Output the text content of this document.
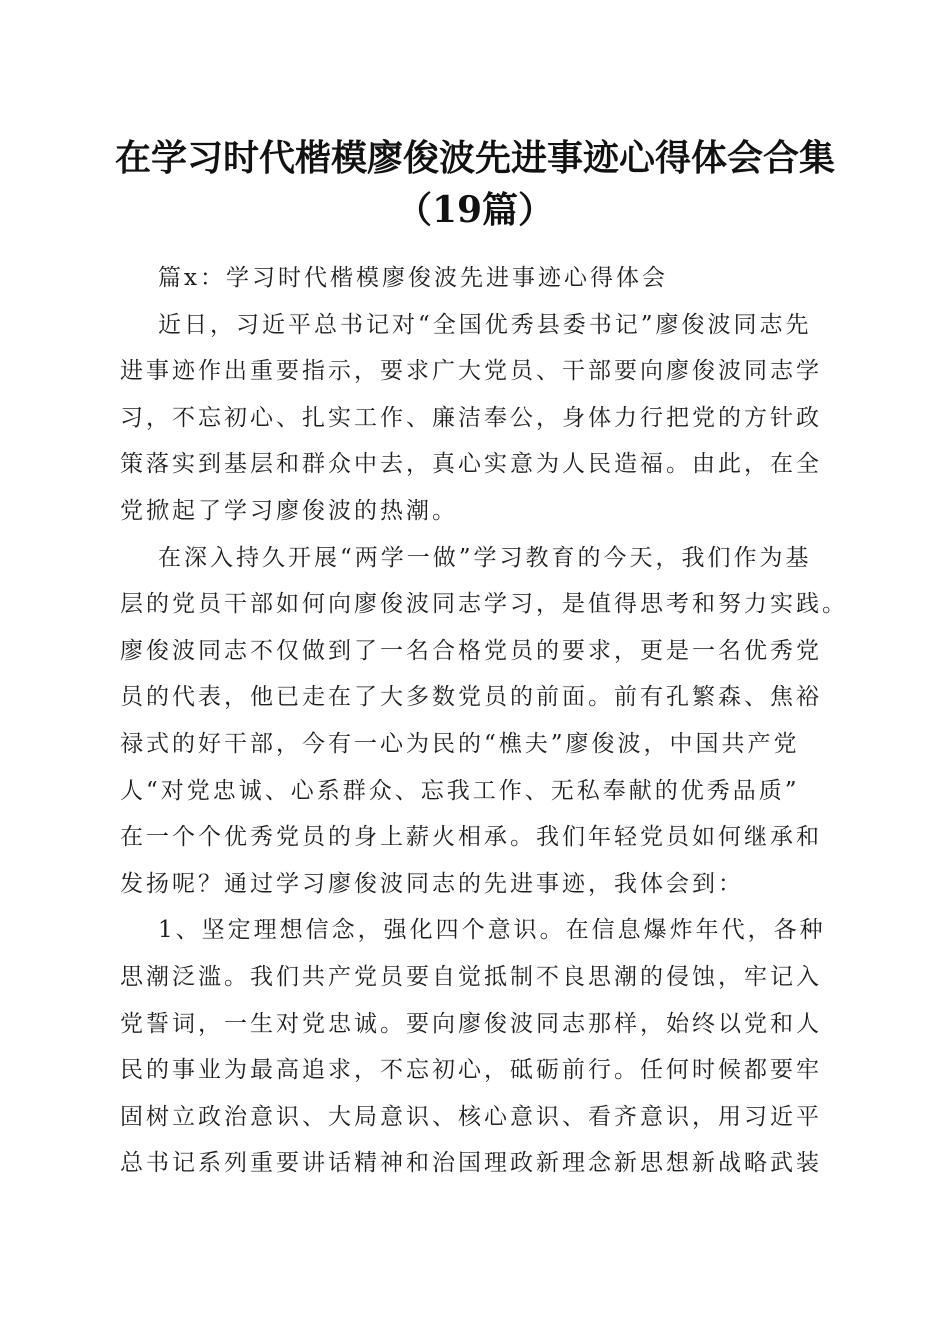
在学习时代楷模廖俊波先进事迹心得体会合集
（19篇）
篇x：学习时代楷模廖俊波先进事迹心得体会
近日，习近平总书记对“全国优秀县委书记”廖俊波同志先
进事迹作出重要指示，要求广大党员、干部要向廖俊波同志学
习，不忘初心、扎实工作、廉洁奉公，身体力行把党的方针政
策落实到基层和群众中去，真心实意为人民造福。由此，在全
党掀起了学习廖俊波的热潮。
在深入持久开展“两学一做”学习教育的今天，我们作为基
层的党员干部如何向廖俊波同志学习，是值得思考和努力实践。
廖俊波同志不仅做到了一名合格党员的要求，更是一名优秀党
员的代表，他已走在了大多数党员的前面。前有孔繁森、焦裕
禄式的好干部，今有一心为民的“樵夫”廖俊波，中国共产党
人“对党忠诚、心系群众、忘我工作、无私奉献的优秀品质”
在一个个优秀党员的身上薪火相承。我们年轻党员如何继承和
发扬呢？通过学习廖俊波同志的先进事迹，我体会到：
1、坚定理想信念，强化四个意识。在信息爆炸年代，各种
思潮泛滥。我们共产党员要自觉抵制不良思潮的侵蚀，牢记入
党誓词，一生对党忠诚。要向廖俊波同志那样，始终以党和人
民的事业为最高追求，不忘初心，砥砺前行。任何时候都要牢
固树立政治意识、大局意识、核心意识、看齐意识，用习近平
总书记系列重要讲话精神和治国理政新理念新思想新战略武装
